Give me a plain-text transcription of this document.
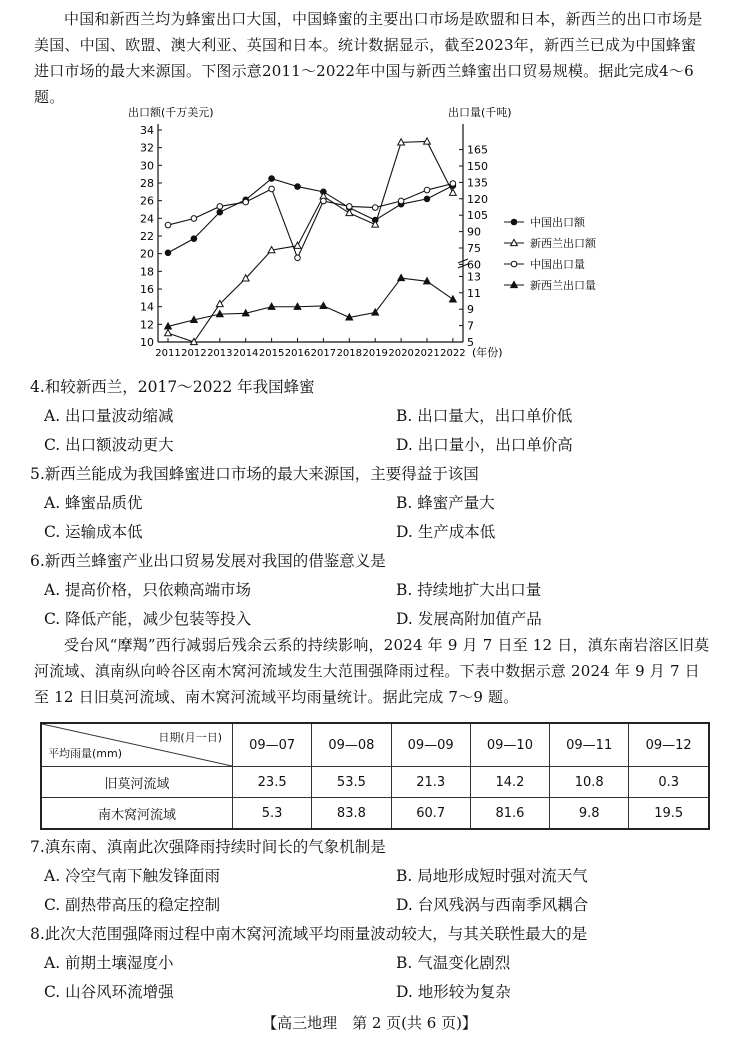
中国和新西兰均为蜂蜜出口大国，中国蜂蜜的主要出口市场是欧盟和日本，新西兰的出口市场是美国、中国、欧盟、澳大利亚、英国和日本。统计数据显示，截至2023年，新西兰已成为中国蜂蜜进口市场的最大来源国。下图示意2011～2022年中国与新西兰蜂蜜出口贸易规模。据此完成4～6题。

10
12
14
16
18
20
22
24
26
28
30
32
34
5
7
9
11
13
60
75
90
105
120
135
150
165
2011 2012 2013 2014 2015 2016 2017 2018 2019 2020 2021 2022
中国出口额
新西兰出口额
中国出口量
新西兰出口量
出口额(千万美元)	出口量(千吨)
(年份)

4.和较新西兰，2017～2022 年我国蜂蜜

A. 出口量波动缩减	B. 出口量大，出口单价低

C. 出口额波动更大	D. 出口量小，出口单价高

5.新西兰能成为我国蜂蜜进口市场的最大来源国，主要得益于该国

A. 蜂蜜品质优	B. 蜂蜜产量大

C. 运输成本低	D. 生产成本低

6.新西兰蜂蜜产业出口贸易发展对我国的借鉴意义是

A. 提高价格，只依赖高端市场	B. 持续地扩大出口量

C. 降低产能，减少包装等投入	D. 发展高附加值产品

受台风“摩羯”西行减弱后残余云系的持续影响，2024 年 9 月 7 日至 12 日，滇东南岩溶区旧莫河流域、滇南纵向岭谷区南木窝河流域发生大范围强降雨过程。下表中数据示意 2024 年 9 月 7 日至 12 日旧莫河流域、南木窝河流域平均雨量统计。据此完成 7～9 题。

日期(月一日)
平均雨量(mm)	09—07	09—08	09—09	09—10	09—11	09—12
旧莫河流域	23.5	53.5	21.3	14.2	10.8	0.3
南木窝河流域	5.3	83.8	60.7	81.6	9.8	19.5

7.滇东南、滇南此次强降雨持续时间长的气象机制是

A. 冷空气南下触发锋面雨	B. 局地形成短时强对流天气

C. 副热带高压的稳定控制	D. 台风残涡与西南季风耦合

8.此次大范围强降雨过程中南木窝河流域平均雨量波动较大，与其关联性最大的是

A. 前期土壤湿度小	B. 气温变化剧烈

C. 山谷风环流增强	D. 地形较为复杂

【高三地理　第 2 页(共 6 页)】
